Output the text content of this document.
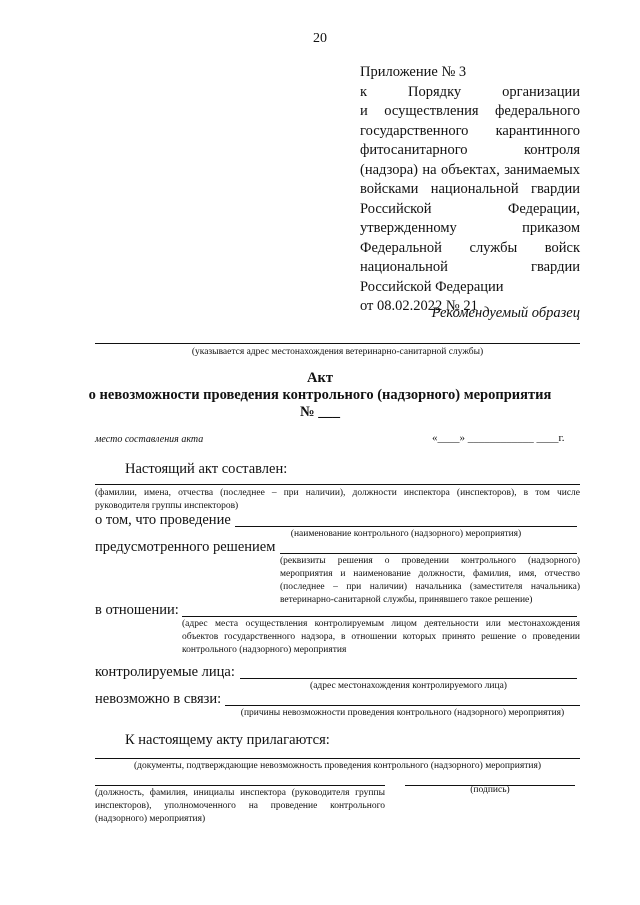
20
Приложение № 3
к Порядку организации
и осуществления федерального
государственного карантинного
фитосанитарного контроля
(надзора) на объектах, занимаемых
войсками национальной гвардии
Российской Федерации,
утвержденному приказом
Федеральной службы войск
национальной гвардии
Российской Федерации
от 08.02.2022 № 21
Рекомендуемый образец
(указывается адрес местонахождения ветеринарно-санитарной службы)
Акт
о невозможности проведения контрольного (надзорного) мероприятия
№ ___
место составления акта	«____» ____________ ____г.
Настоящий акт составлен:
(фамилии, имена, отчества (последнее – при наличии), должности инспектора (инспекторов), в том числе руководителя группы инспекторов)
о том, что проведение
(наименование контрольного (надзорного) мероприятия)
предусмотренного решением
(реквизиты решения о проведении контрольного (надзорного) мероприятия и наименование должности, фамилия, имя, отчество (последнее – при наличии) начальника (заместителя начальника) ветеринарно-санитарной службы, принявшего такое решение)
в отношении:
(адрес места осуществления контролируемым лицом деятельности или местонахождения объектов государственного надзора, в отношении которых принято решение о проведении контрольного (надзорного) мероприятия
контролируемые лица:
(адрес местонахождения контролируемого лица)
невозможно в связи:
(причины невозможности проведения контрольного (надзорного) мероприятия)
К настоящему акту прилагаются:
(документы, подтверждающие невозможность проведения контрольного (надзорного) мероприятия)
(должность, фамилия, инициалы инспектора (руководителя группы инспекторов), уполномоченного на проведение контрольного (надзорного) мероприятия)
(подпись)
